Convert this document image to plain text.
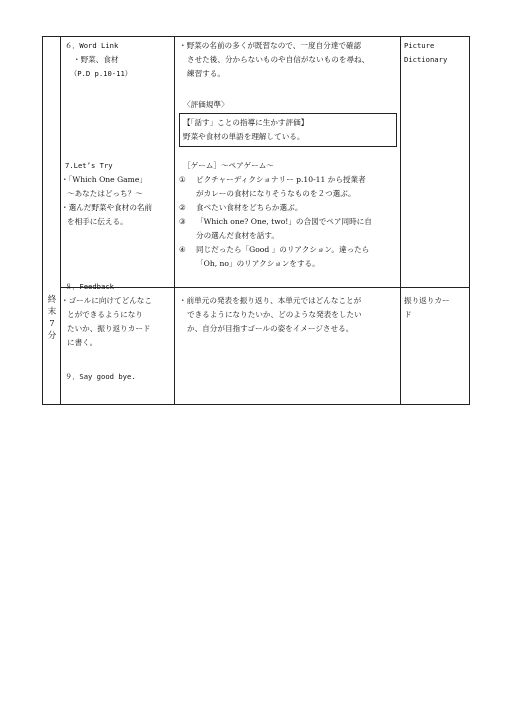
終
末
7
分
６．Word Link
・野菜、食材
（P.D p.10-11）
7.Let’s Try
・「Which One Game」
〜あなたはどっち？〜
・選んだ野菜や食材の名前
を相手に伝える。
８．Feedback
・ゴールに向けてどんなこ
とができるようになり
たいか、振り返りカード
に書く。
９．Say good bye.
・野菜の名前の多くが既習なので、一度自分達で確認
させた後、分からないものや自信がないものを尋ね、
練習する。
〈評価規準〉
【「話す」ことの指導に生かす評価】
野菜や食材の単語を理解している。
［ゲーム］〜ペアゲーム〜
① ピクチャーディクショナリー p.10-11 から授業者
がカレーの食材になりそうなものを２つ選ぶ。
② 食べたい食材をどちらか選ぶ。
③ 「Which one? One, two!」の合図でペア同時に自
分の選んだ食材を話す。
④ 同じだったら「Good 」のリアクション。違ったら
「Oh, no」のリアクションをする。
・前単元の発表を振り返り、本単元ではどんなことが
できるようになりたいか、どのような発表をしたい
か、自分が目指すゴールの姿をイメージさせる。
Picture
Dictionary
振り返りカー
ド
